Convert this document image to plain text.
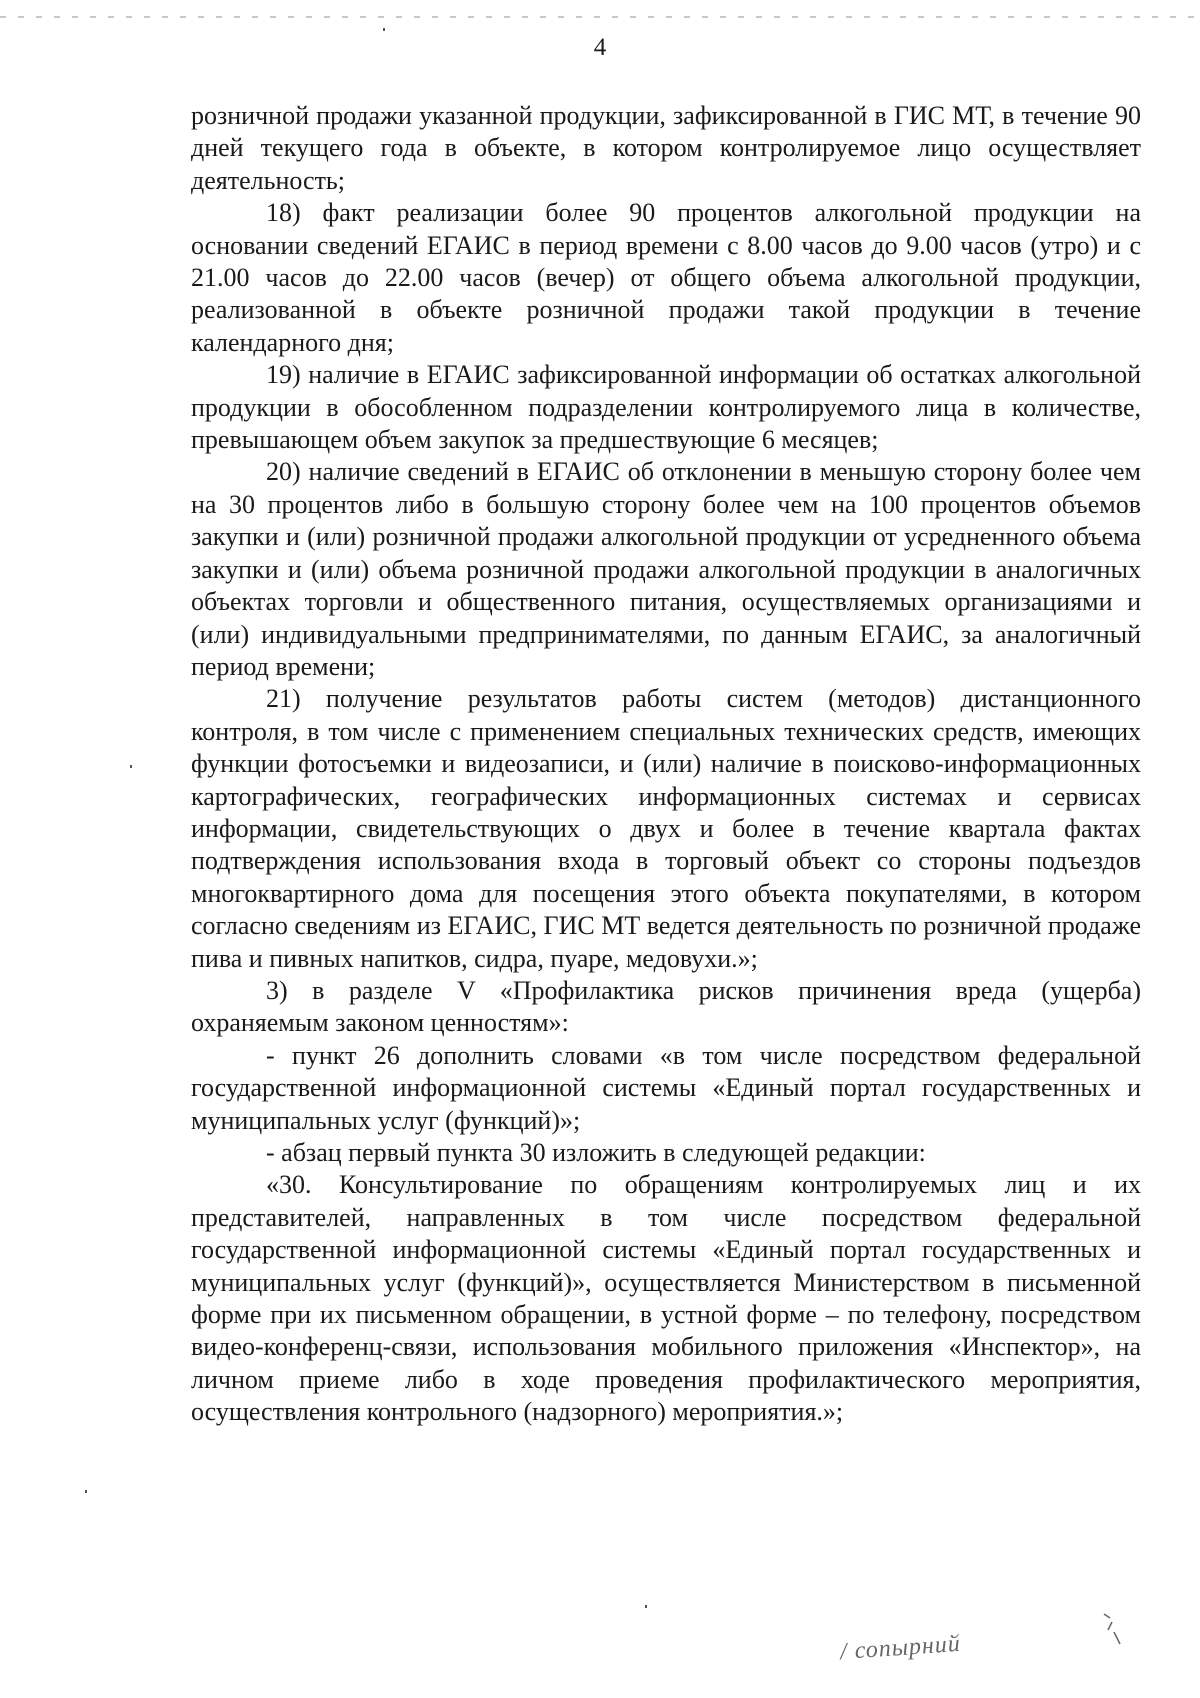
4

розничной продажи указанной продукции, зафиксированной в ГИС МТ, в течение 90 дней текущего года в объекте, в котором контролируемое лицо осуществляет деятельность;

18) факт реализации более 90 процентов алкогольной продукции на основании сведений ЕГАИС в период времени с 8.00 часов до 9.00 часов (утро) и с 21.00 часов до 22.00 часов (вечер) от общего объема алкогольной продукции, реализованной в объекте розничной продажи такой продукции в течение календарного дня;

19) наличие в ЕГАИС зафиксированной информации об остатках алкогольной продукции в обособленном подразделении контролируемого лица в количестве, превышающем объем закупок за предшествующие 6 месяцев;

20) наличие сведений в ЕГАИС об отклонении в меньшую сторону более чем на 30 процентов либо в большую сторону более чем на 100 процентов объемов закупки и (или) розничной продажи алкогольной продукции от усредненного объема закупки и (или) объема розничной продажи алкогольной продукции в аналогичных объектах торговли и общественного питания, осуществляемых организациями и (или) индивидуальными предпринимателями, по данным ЕГАИС, за аналогичный период времени;

21) получение результатов работы систем (методов) дистанционного контроля, в том числе с применением специальных технических средств, имеющих функции фотосъемки и видеозаписи, и (или) наличие в поисково-информационных картографических, географических информационных системах и сервисах информации, свидетельствующих о двух и более в течение квартала фактах подтверждения использования входа в торговый объект со стороны подъездов многоквартирного дома для посещения этого объекта покупателями, в котором согласно сведениям из ЕГАИС, ГИС МТ ведется деятельность по розничной продаже пива и пивных напитков, сидра, пуаре, медовухи.»;

3) в разделе V «Профилактика рисков причинения вреда (ущерба) охраняемым законом ценностям»:

- пункт 26 дополнить словами «в том числе посредством федеральной государственной информационной системы «Единый портал государственных и муниципальных услуг (функций)»;

- абзац первый пункта 30 изложить в следующей редакции:

«30. Консультирование по обращениям контролируемых лиц и их представителей, направленных в том числе посредством федеральной государственной информационной системы «Единый портал государственных и муниципальных услуг (функций)», осуществляется Министерством в письменной форме при их письменном обращении, в устной форме – по телефону, посредством видео-конференц-связи, использования мобильного приложения «Инспектор», на личном приеме либо в ходе проведения профилактического мероприятия, осуществления контрольного (надзорного) мероприятия.»;

/ сопырний
